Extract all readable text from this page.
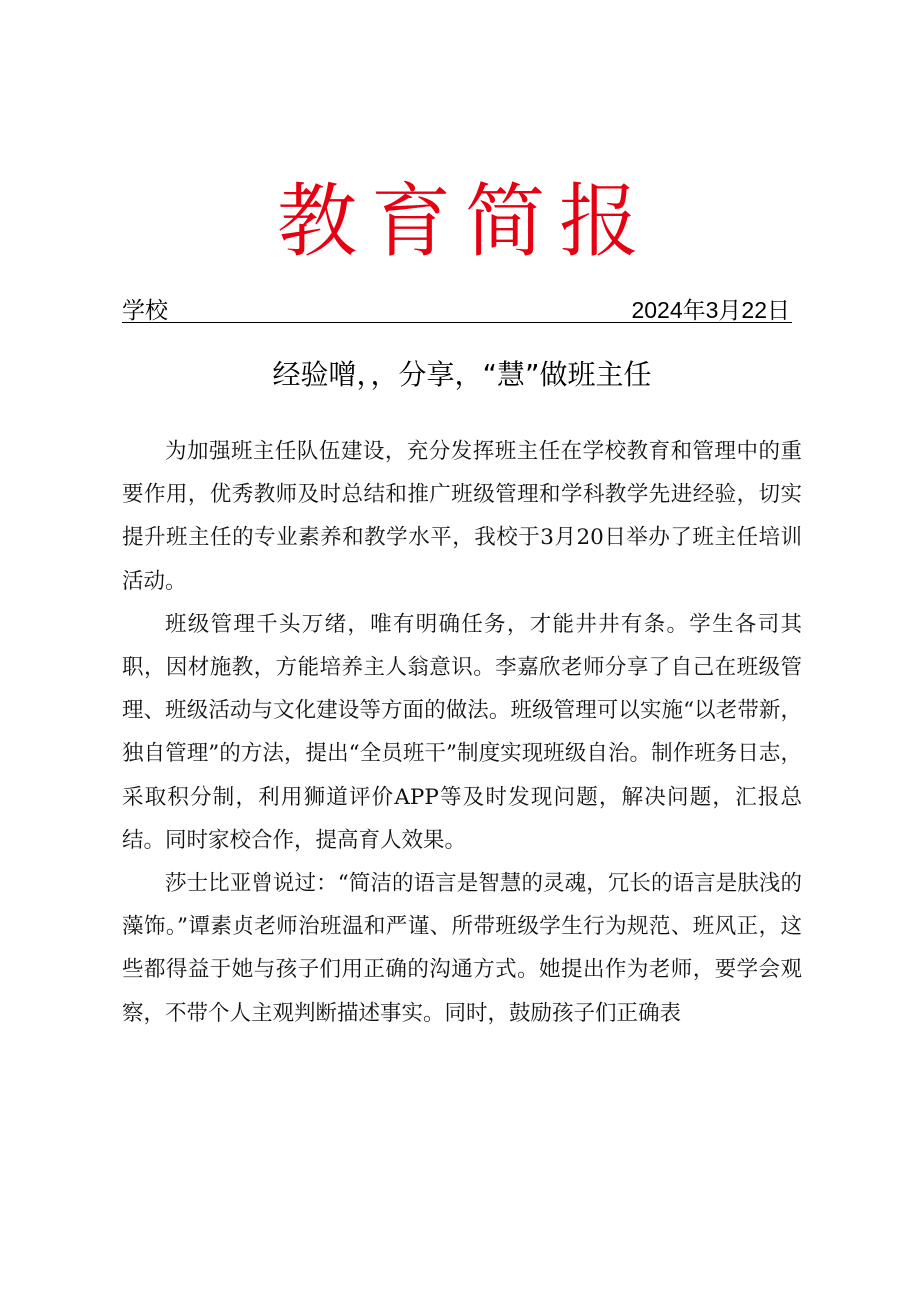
教育简报
学校	2024年3月22日
经验噌，，分享，“慧”做班主任

为加强班主任队伍建设，充分发挥班主任在学校教育和管理中的重要作用，优秀教师及时总结和推广班级管理和学科教学先进经验，切实提升班主任的专业素养和教学水平，我校于3月20日举办了班主任培训活动。

班级管理千头万绪，唯有明确任务，才能井井有条。学生各司其职，因材施教，方能培养主人翁意识。李嘉欣老师分享了自己在班级管理、班级活动与文化建设等方面的做法。班级管理可以实施“以老带新，独自管理”的方法，提出“全员班干”制度实现班级自治。制作班务日志，采取积分制，利用狮道评价APP等及时发现问题，解决问题，汇报总结。同时家校合作，提高育人效果。

莎士比亚曾说过：“简洁的语言是智慧的灵魂，冗长的语言是肤浅的藻饰。”谭素贞老师治班温和严谨、所带班级学生行为规范、班风正，这些都得益于她与孩子们用正确的沟通方式。她提出作为老师，要学会观察，不带个人主观判断描述事实。同时，鼓励孩子们正确表
